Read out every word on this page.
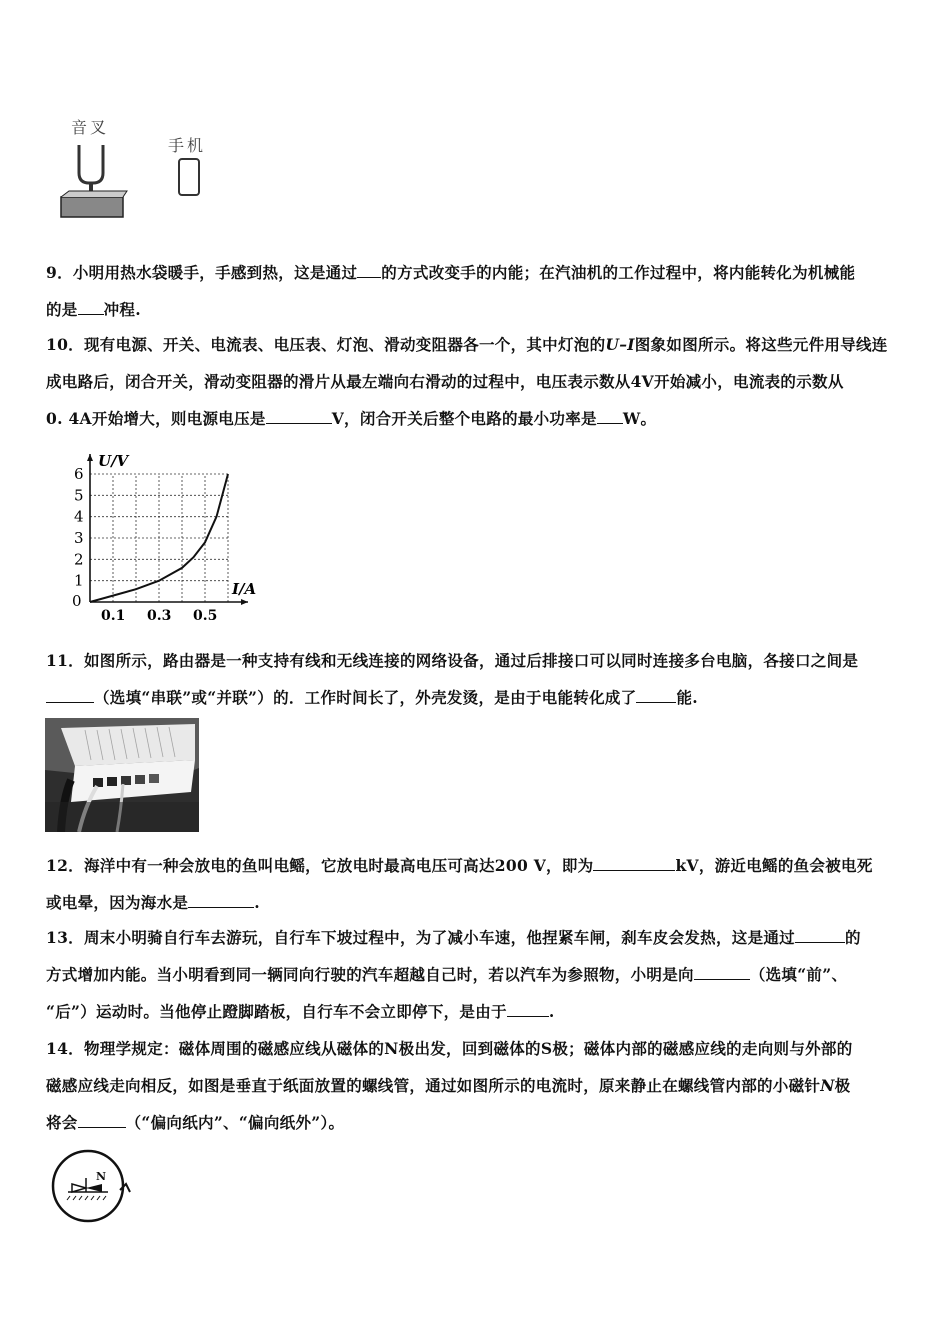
音叉
手机

9．小明用热水袋暖手，手感到热，这是通过 的方式改变手的内能；在汽油机的工作过程中，将内能转化为机械能

的是 冲程.

10．现有电源、开关、电流表、电压表、灯泡、滑动变阻器各一个，其中灯泡的U–I图象如图所示。将这些元件用导线连

成电路后，闭合开关，滑动变阻器的滑片从最左端向右滑动的过程中，电压表示数从4V开始减小，电流表的示数从

0. 4A开始增大，则电源电压是	V，闭合开关后整个电路的最小功率是 W。

1
2
3
4
5
6
0
0.1 0.3 0.5
U/V
I/A

11．如图所示，路由器是一种支持有线和无线连接的网络设备，通过后排接口可以同时连接多台电脑，各接口之间是

（选填“串联”或“并联”）的．工作时间长了，外壳发烫，是由于电能转化成了	能.

12．海洋中有一种会放电的鱼叫电鳐，它放电时最高电压可高达200 V，即为	kV，游近电鳐的鱼会被电死

或电晕，因为海水是	.

13．周末小明骑自行车去游玩，自行车下坡过程中，为了减小车速，他捏紧车闸，刹车皮会发热，这是通过	的

方式增加内能。当小明看到同一辆同向行驶的汽车超越自己时，若以汽车为参照物，小明是向	（选填“前”、

“后”）运动时。当他停止蹬脚踏板，自行车不会立即停下，是由于	.

14．物理学规定：磁体周围的磁感应线从磁体的N极出发，回到磁体的S极；磁体内部的磁感应线的走向则与外部的

磁感应线走向相反，如图是垂直于纸面放置的螺线管，通过如图所示的电流时，原来静止在螺线管内部的小磁针N极

将会	（“偏向纸内”、“偏向纸外”）。

N
